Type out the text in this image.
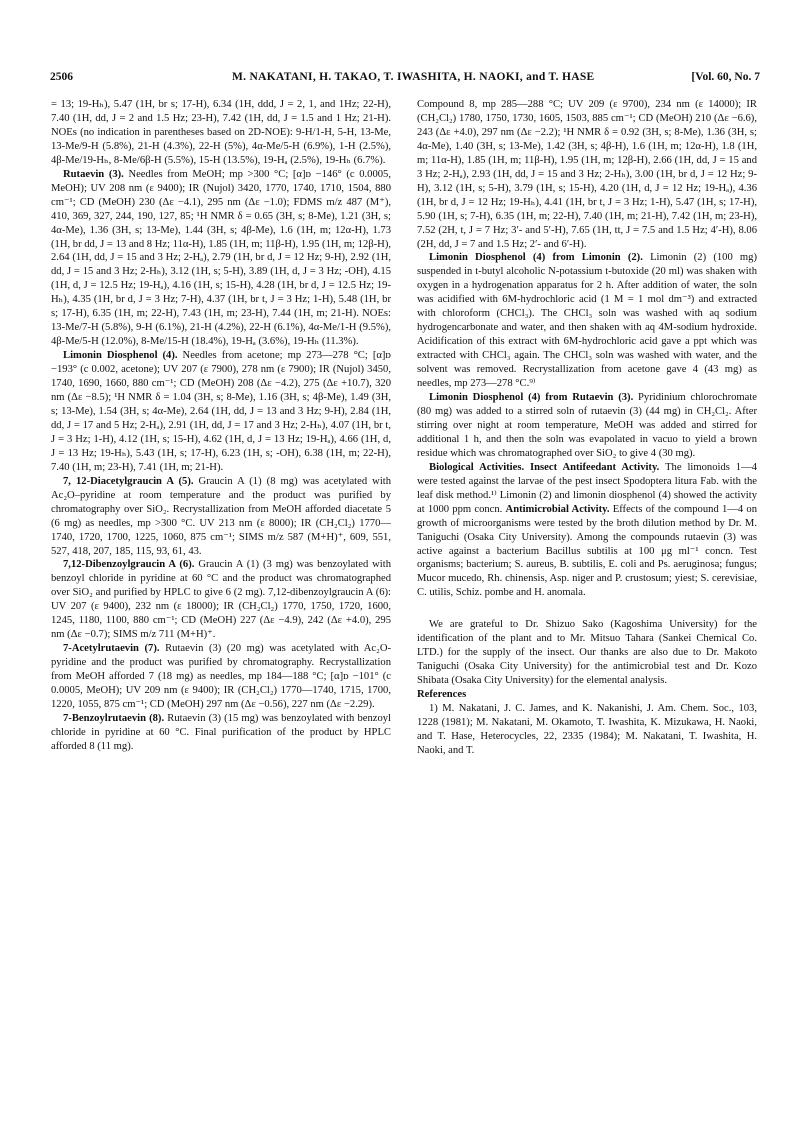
2506	M. NAKATANI, H. TAKAO, T. IWASHITA, H. NAOKI, and T. HASE	[Vol. 60, No. 7

= 13; 19-Hₕ), 5.47 (1H, br s; 17-H), 6.34 (1H, ddd, J = 2, 1, and 1Hz; 22-H), 7.40 (1H, dd, J = 2 and 1.5 Hz; 23-H), 7.42 (1H, dd, J = 1.5 and 1 Hz; 21-H). NOEs (no indication in parentheses based on 2D-NOE): 9-H/1-H, 5-H, 13-Me, 13-Me/9-H (5.8%), 21-H (4.3%), 22-H (5%), 4α-Me/5-H (6.9%), 1-H (2.5%), 4β-Me/19-Hₕ, 8-Me/6β-H (5.5%), 15-H (13.5%), 19-Hₐ (2.5%), 19-Hₕ (6.7%).

Rutaevin (3). Needles from MeOH; mp >300 °C; [α]ᴅ −146° (c 0.0005, MeOH); UV 208 nm (ε 9400); IR (Nujol) 3420, 1770, 1740, 1710, 1504, 880 cm⁻¹; CD (MeOH) 230 (Δε −4.1), 295 nm (Δε −1.0); FDMS m/z 487 (M⁺), 410, 369, 327, 244, 190, 127, 85; ¹H NMR δ = 0.65 (3H, s; 8-Me), 1.21 (3H, s; 4α-Me), 1.36 (3H, s; 13-Me), 1.44 (3H, s; 4β-Me), 1.6 (1H, m; 12α-H), 1.73 (1H, br dd, J = 13 and 8 Hz; 11α-H), 1.85 (1H, m; 11β-H), 1.95 (1H, m; 12β-H), 2.64 (1H, dd, J = 15 and 3 Hz; 2-Hₐ), 2.79 (1H, br d, J = 12 Hz; 9-H), 2.92 (1H, dd, J = 15 and 3 Hz; 2-Hₕ), 3.12 (1H, s; 5-H), 3.89 (1H, d, J = 3 Hz; -OH), 4.15 (1H, d, J = 12.5 Hz; 19-Hₐ), 4.16 (1H, s; 15-H), 4.28 (1H, br d, J = 12.5 Hz; 19-Hₕ), 4.35 (1H, br d, J = 3 Hz; 7-H), 4.37 (1H, br t, J = 3 Hz; 1-H), 5.48 (1H, br s; 17-H), 6.35 (1H, m; 22-H), 7.43 (1H, m; 23-H), 7.44 (1H, m; 21-H). NOEs: 13-Me/7-H (5.8%), 9-H (6.1%), 21-H (4.2%), 22-H (6.1%), 4α-Me/1-H (9.5%), 4β-Me/5-H (12.0%), 8-Me/15-H (18.4%), 19-Hₐ (3.6%), 19-Hₕ (11.3%).

Limonin Diosphenol (4). Needles from acetone; mp 273—278 °C; [α]ᴅ −193° (c 0.002, acetone); UV 207 (ε 7900), 278 nm (ε 7900); IR (Nujol) 3450, 1740, 1690, 1660, 880 cm⁻¹; CD (MeOH) 208 (Δε −4.2), 275 (Δε +10.7), 320 nm (Δε −8.5); ¹H NMR δ = 1.04 (3H, s; 8-Me), 1.16 (3H, s; 4β-Me), 1.49 (3H, s; 13-Me), 1.54 (3H, s; 4α-Me), 2.64 (1H, dd, J = 13 and 3 Hz; 9-H), 2.84 (1H, dd, J = 17 and 5 Hz; 2-Hₐ), 2.91 (1H, dd, J = 17 and 3 Hz; 2-Hₕ), 4.07 (1H, br t, J = 3 Hz; 1-H), 4.12 (1H, s; 15-H), 4.62 (1H, d, J = 13 Hz; 19-Hₐ), 4.66 (1H, d, J = 13 Hz; 19-Hₕ), 5.43 (1H, s; 17-H), 6.23 (1H, s; -OH), 6.38 (1H, m; 22-H), 7.40 (1H, m; 23-H), 7.41 (1H, m; 21-H).

7, 12-Diacetylgraucin A (5). Graucin A (1) (8 mg) was acetylated with Ac₂O–pyridine at room temperature and the product was purified by chromatography over SiO₂. Recrystallization from MeOH afforded diacetate 5 (6 mg) as needles, mp >300 °C. UV 213 nm (ε 8000); IR (CH₂Cl₂) 1770—1740, 1720, 1700, 1225, 1060, 875 cm⁻¹; SIMS m/z 587 (M+H)⁺, 609, 551, 527, 418, 207, 185, 115, 93, 61, 43.

7,12-Dibenzoylgraucin A (6). Graucin A (1) (3 mg) was benzoylated with benzoyl chloride in pyridine at 60 °C and the product was chromatographed over SiO₂ and purified by HPLC to give 6 (2 mg). 7,12-dibenzoylgraucin A (6): UV 207 (ε 9400), 232 nm (ε 18000); IR (CH₂Cl₂) 1770, 1750, 1720, 1600, 1245, 1180, 1100, 880 cm⁻¹; CD (MeOH) 227 (Δε −4.9), 242 (Δε +4.0), 295 nm (Δε −0.7); SIMS m/z 711 (M+H)⁺.

7-Acetylrutaevin (7). Rutaevin (3) (20 mg) was acetylated with Ac₂O-pyridine and the product was purified by chromatography. Recrystallization from MeOH afforded 7 (18 mg) as needles, mp 184—188 °C; [α]ᴅ −101° (c 0.0005, MeOH); UV 209 nm (ε 9400); IR (CH₂Cl₂) 1770—1740, 1715, 1700, 1220, 1055, 875 cm⁻¹; CD (MeOH) 297 nm (Δε −0.56), 227 nm (Δε −2.29).

7-Benzoylrutaevin (8). Rutaevin (3) (15 mg) was benzoylated with benzoyl chloride in pyridine at 60 °C. Final purification of the product by HPLC afforded 8 (11 mg).

Compound 8, mp 285—288 °C; UV 209 (ε 9700), 234 nm (ε 14000); IR (CH₂Cl₂) 1780, 1750, 1730, 1605, 1503, 885 cm⁻¹; CD (MeOH) 210 (Δε −6.6), 243 (Δε +4.0), 297 nm (Δε −2.2); ¹H NMR δ = 0.92 (3H, s; 8-Me), 1.36 (3H, s; 4α-Me), 1.40 (3H, s; 13-Me), 1.42 (3H, s; 4β-H), 1.6 (1H, m; 12α-H), 1.8 (1H, m; 11α-H), 1.85 (1H, m; 11β-H), 1.95 (1H, m; 12β-H), 2.66 (1H, dd, J = 15 and 3 Hz; 2-Hₐ), 2.93 (1H, dd, J = 15 and 3 Hz; 2-Hₕ), 3.00 (1H, br d, J = 12 Hz; 9-H), 3.12 (1H, s; 5-H), 3.79 (1H, s; 15-H), 4.20 (1H, d, J = 12 Hz; 19-Hₐ), 4.36 (1H, br d, J = 12 Hz; 19-Hₕ), 4.41 (1H, br t, J = 3 Hz; 1-H), 5.47 (1H, s; 17-H), 5.90 (1H, s; 7-H), 6.35 (1H, m; 22-H), 7.40 (1H, m; 21-H), 7.42 (1H, m; 23-H), 7.52 (2H, t, J = 7 Hz; 3′- and 5′-H), 7.65 (1H, tt, J = 7.5 and 1.5 Hz; 4′-H), 8.06 (2H, dd, J = 7 and 1.5 Hz; 2′- and 6′-H).

Limonin Diosphenol (4) from Limonin (2). Limonin (2) (100 mg) suspended in t-butyl alcoholic N-potassium t-butoxide (20 ml) was shaken with oxygen in a hydrogenation apparatus for 2 h. After addition of water, the soln was acidified with 6M-hydrochloric acid (1 M = 1 mol dm⁻³) and extracted with chloroform (CHCl₃). The CHCl₃ soln was washed with aq sodium hydrogencarbonate and water, and then shaken with aq 4M-sodium hydroxide. Acidification of this extract with 6M-hydrochloric acid gave a ppt which was extracted with CHCl₃ again. The CHCl₃ soln was washed with water, and the solvent was removed. Recrystallization from acetone gave 4 (43 mg) as needles, mp 273—278 °C.⁹⁾

Limonin Diosphenol (4) from Rutaevin (3). Pyridinium chlorochromate (80 mg) was added to a stirred soln of rutaevin (3) (44 mg) in CH₂Cl₂. After stirring over night at room temperature, MeOH was added and stirred for additional 1 h, and then the soln was evapolated in vacuo to yield a brown residue which was chromatographed over SiO₂ to give 4 (30 mg).

Biological Activities. Insect Antifeedant Activity. The limonoids 1—4 were tested against the larvae of the pest insect Spodoptera litura Fab. with the leaf disk method.¹⁾ Limonin (2) and limonin diosphenol (4) showed the activity at 1000 ppm concn. Antimicrobial Activity. Effects of the compound 1—4 on growth of microorganisms were tested by the broth dilution method by Dr. M. Taniguchi (Osaka City University). Among the compounds rutaevin (3) was active against a bacterium Bacillus subtilis at 100 μg ml⁻¹ concn. Test organisms; bacterium; S. aureus, B. subtilis, E. coli and Ps. aeruginosa; fungus; Mucor mucedo, Rh. chinensis, Asp. niger and P. crustosum; yiest; S. cerevisiae, C. utilis, Schiz. pombe and H. anomala.

We are grateful to Dr. Shizuo Sako (Kagoshima University) for the identification of the plant and to Mr. Mitsuo Tahara (Sankei Chemical Co. LTD.) for the supply of the insect. Our thanks are also due to Dr. Makoto Taniguchi (Osaka City University) for the antimicrobial test and Dr. Kozo Shibata (Osaka City University) for the elemental analysis.

References

1) M. Nakatani, J. C. James, and K. Nakanishi, J. Am. Chem. Soc., 103, 1228 (1981); M. Nakatani, M. Okamoto, T. Iwashita, K. Mizukawa, H. Naoki, and T. Hase, Heterocycles, 22, 2335 (1984); M. Nakatani, T. Iwashita, H. Naoki, and T.
